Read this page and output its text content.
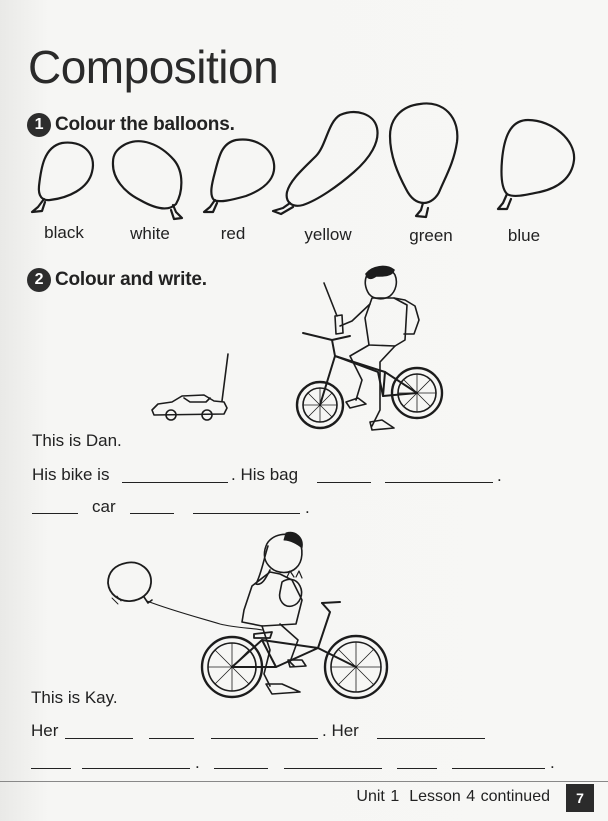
Composition
1 Colour the balloons.
black	white	red	yellow	green	blue
2 Colour and write.
This is Dan.
His bike is	. His bag	.
car	.
This is Kay.
Her	. Her
.	.
Unit 1 Lesson 4 continued	7
